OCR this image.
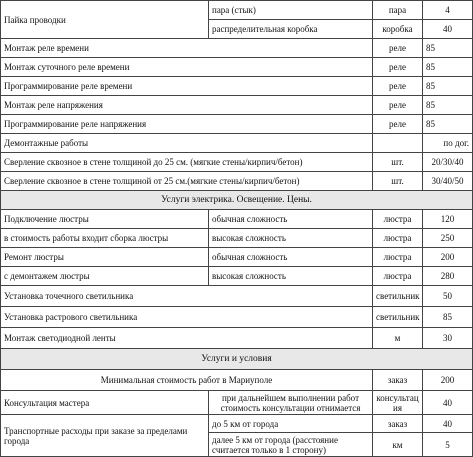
Пайка проводки	пара (стык)	пара	4
	распределительная коробка	коробка	40
Монтаж реле времени		реле	85
Монтаж суточного реле времени		реле	85
Программирование реле времени		реле	85
Монтаж реле напряжения		реле	85
Программирование реле напряжения		реле	85
Демонтажные работы			по дог.
Сверление сквозное в стене толщиной до 25 см. (мягкие стены/кирпич/бетон)		шт.	20/30/40
Сверление сквозное в стене толщиной от 25 см.(мягкие стены/кирпич/бетон)		шт.	30/40/50
Услуги электрика. Освещение. Цены.			
Подключение люстры	обычная сложность	люстра	120
в стоимость работы входит сборка люстры	высокая сложность	люстра	250
Ремонт люстры	обычная сложность	люстра	200
с демонтажем люстры	высокая сложность	люстра	280
Установка точечного светильника		светильник	50
Установка растрового светильника		светильник	85
Монтаж светодиодной ленты		м	30
Услуги и условия			
Минимальная стоимость работ в Мариуполе		заказ	200
Консультация мастера	при дальнейшем выполнении работ стоимость консультации отнимается	консультация	40
Транспортные расходы при заказе за пределами города	до 5 км от города	заказ	40
	далее 5 км от города (расстояние считается только в 1 сторону)	км	5
